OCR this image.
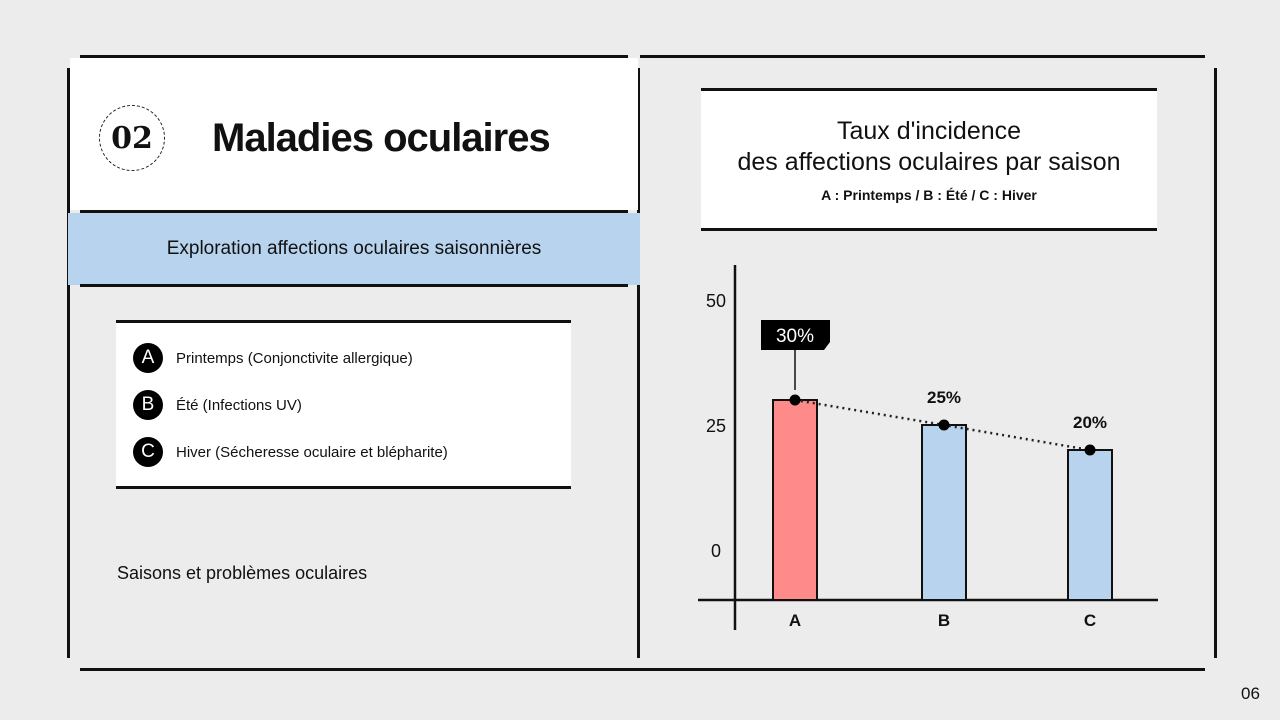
02	Maladies oculaires
Exploration affections oculaires saisonnières
A	Printemps (Conjonctivite allergique)
B	Été (Infections UV)
C	Hiver (Sécheresse oculaire et blépharite)
Saisons et problèmes oculaires
Taux d'incidence
des affections oculaires par saison
A : Printemps / B : Été / C : Hiver
0
25
50
A	B	C
30%
25%
20%
06
